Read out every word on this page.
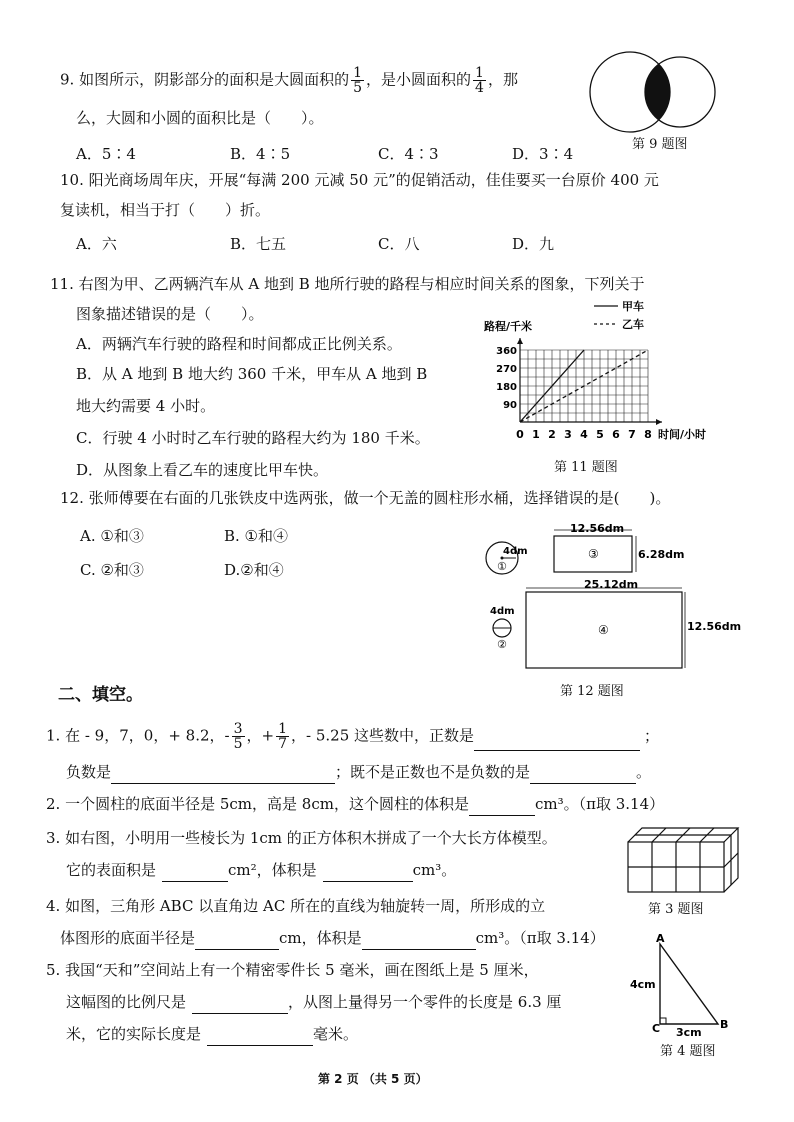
9. 如图所示，阴影部分的面积是大圆面积的 $\frac{1}{5}$ ，是小圆面积的 $\frac{1}{4}$ ，那
么，大圆和小圆的面积比是（　　）。
A．5∶4	B．4∶5	C．4∶3	D．3∶4
第 9 题图
10. 阳光商场周年庆，开展“每满 200 元减 50 元”的促销活动，佳佳要买一台原价 400 元
复读机，相当于打（　　）折。
A．六	B．七五	C．八	D．九
11. 右图为甲、乙两辆汽车从 A 地到 B 地所行驶的路程与相应时间关系的图象，下列关于
图象描述错误的是（　　）。
A．两辆汽车行驶的路程和时间都成正比例关系。
B．从 A 地到 B 地大约 360 千米，甲车从 A 地到 B
地大约需要 4 小时。
C．行驶 4 小时时乙车行驶的路程大约为 180 千米。
D．从图象上看乙车的速度比甲车快。
0 1 2 3 4 5 6 7 8
90
180
270
360
路程/千米
时间/小时
甲车
乙车
第 11 题图
12. 张师傅要在右面的几张铁皮中选两张，做一个无盖的圆柱形水桶，选择错误的是(　　)。
A. ①和③	B. ①和④
C. ②和③	D.②和④
4dm
①
12.56dm
6.28dm
③
4dm
②
25.12dm
12.56dm
④
第 12 题图
二、填空。
1. 在 - 9，7，0，+ 8.2，- $\frac{3}{5}$ ，+ $\frac{1}{7}$ ，- 5.25 这些数中，正数是	；
负数是	；既不是正数也不是负数的是	。
2. 一个圆柱的底面半径是 5cm，高是 8cm，这个圆柱的体积是	cm³。（π取 3.14）
3. 如右图，小明用一些棱长为 1cm 的正方体积木拼成了一个大长方体模型。
它的表面积是	cm²，体积是	cm³。
第 3 题图
4. 如图，三角形 ABC 以直角边 AC 所在的直线为轴旋转一周，所形成的立
体图形的底面半径是	cm，体积是	cm³。（π取 3.14）	A
C	B
4cm
3cm
第 4 题图
5. 我国“天和”空间站上有一个精密零件长 5 毫米，画在图纸上是 5 厘米，
这幅图的比例尺是	，从图上量得另一个零件的长度是 6.3 厘
米，它的实际长度是	毫米。
第 2 页 （共 5 页）
